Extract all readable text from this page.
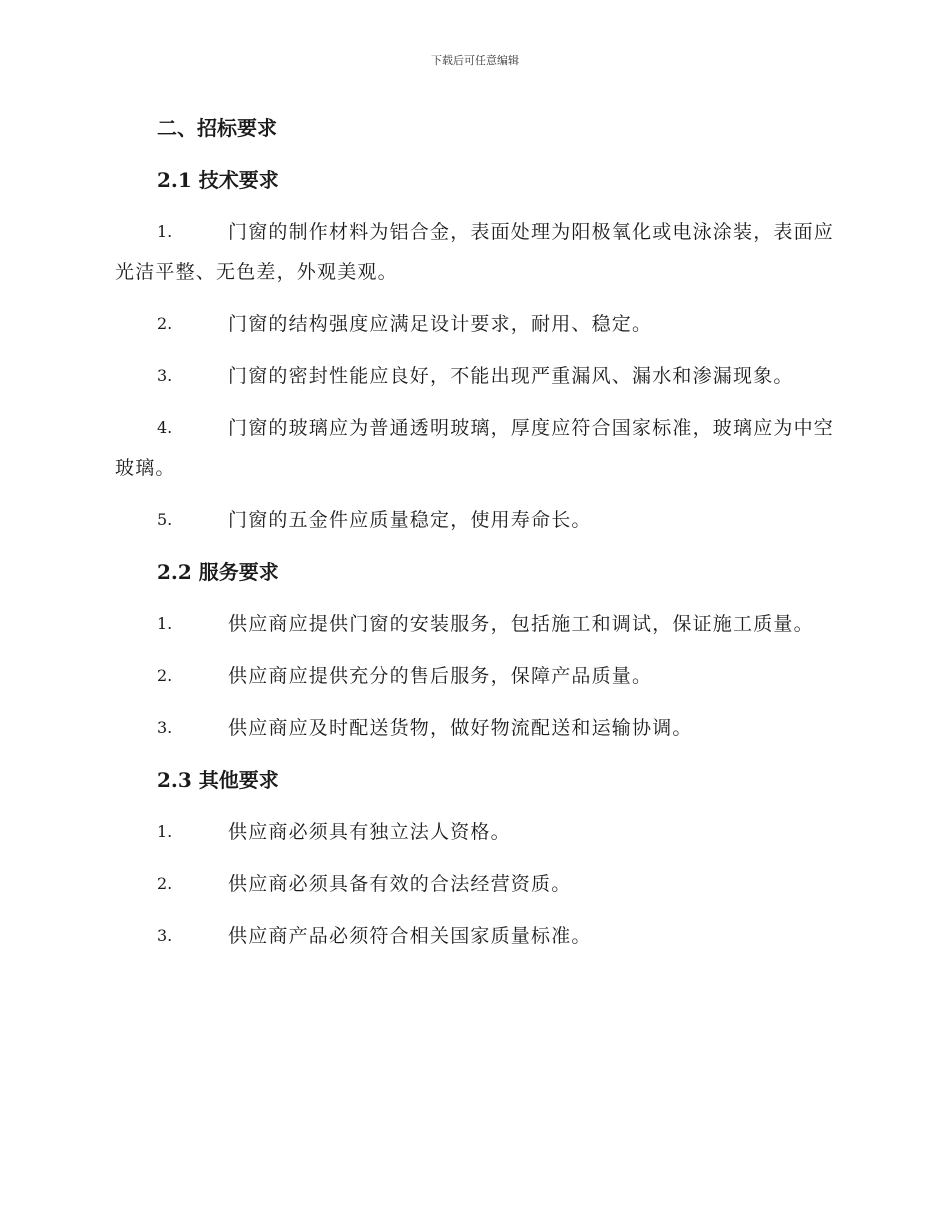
下载后可任意编辑
二、招标要求
2.1 技术要求
1.	门窗的制作材料为铝合金，表面处理为阳极氧化或电泳涂装，表面应光洁平整、无色差，外观美观。
2.	门窗的结构强度应满足设计要求，耐用、稳定。
3.	门窗的密封性能应良好，不能出现严重漏风、漏水和渗漏现象。
4.	门窗的玻璃应为普通透明玻璃，厚度应符合国家标准，玻璃应为中空玻璃。
5.	门窗的五金件应质量稳定，使用寿命长。
2.2 服务要求
1.	供应商应提供门窗的安装服务，包括施工和调试，保证施工质量。
2.	供应商应提供充分的售后服务，保障产品质量。
3.	供应商应及时配送货物，做好物流配送和运输协调。
2.3 其他要求
1.	供应商必须具有独立法人资格。
2.	供应商必须具备有效的合法经营资质。
3.	供应商产品必须符合相关国家质量标准。
